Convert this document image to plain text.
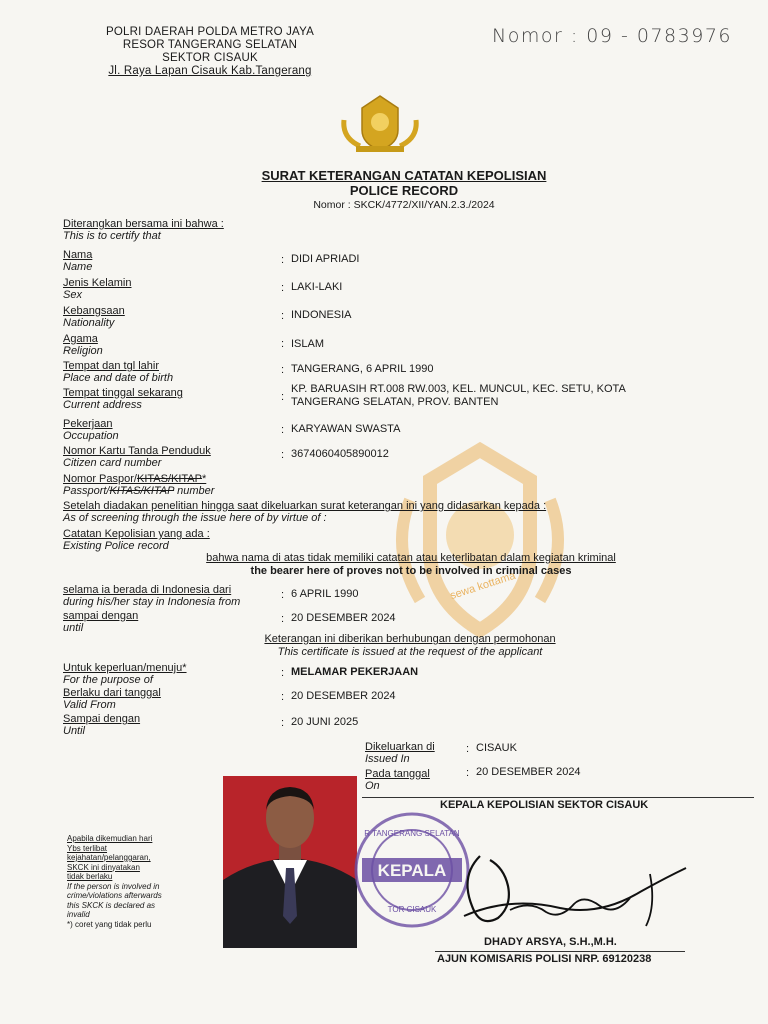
sewa kottama
POLRI DAERAH POLDA METRO JAYA
RESOR TANGERANG SELATAN
SEKTOR CISAUK

Jl. Raya Lapan Cisauk Kab.Tangerang
Nomor : 09 - 0783976
SURAT KETERANGAN CATATAN KEPOLISIAN
POLICE RECORD
Nomor : SKCK/4772/XII/YAN.2.3./2024
Diterangkan bersama ini bahwa :
This is to certify that
Nama
Name
: DIDI APRIADI
Jenis Kelamin
Sex
: LAKI-LAKI
Kebangsaan
Nationality
: INDONESIA
Agama
Religion
: ISLAM
Tempat dan tgl lahir
Place and date of birth
: TANGERANG, 6 APRIL 1990
Tempat tinggal sekarang
Current address
:
KP. BARUASIH RT.008 RW.003, KEL. MUNCUL, KEC. SETU, KOTA
TANGERANG SELATAN, PROV. BANTEN
Pekerjaan
Occupation	: KARYAWAN SWASTA
Nomor Kartu Tanda Penduduk
Citizen card number
: 3674060405890012
Nomor Paspor/KITAS/KITAP*
Passport/KITAS/KITAP number
Setelah diadakan penelitian hingga saat dikeluarkan surat keterangan ini yang didasarkan kepada :
As of screening through the issue here of by virtue of :
Catatan Kepolisian yang ada :
Existing Police record
bahwa nama di atas tidak memiliki catatan atau keterlibatan dalam kegiatan kriminal
the bearer here of proves not to be involved in criminal cases
selama ia berada di Indonesia dari
during his/her stay in Indonesia from
: 6 APRIL 1990
sampai dengan
until
: 20 DESEMBER 2024
Keterangan ini diberikan berhubungan dengan permohonan
This certificate is issued at the request of the applicant
Untuk keperluan/menuju*
For the purpose of
: MELAMAR PEKERJAAN
Berlaku dari tanggal
Valid From
: 20 DESEMBER 2024
Sampai dengan
Until
: 20 JUNI 2025
Dikeluarkan di
Issued In
: CISAUK
Pada tanggal
On
: 20 DESEMBER 2024
KEPALA KEPOLISIAN SEKTOR CISAUK
Apabila dikemudian hari
Ybs terlibat
kejahatan/pelanggaran,
SKCK ini dinyatakan
tidak berlaku
If the person is involved in
crime/violations afterwards
this SKCK is declared as
invalid
*) coret yang tidak perlu
KEPALA
R TANGERANG SELATAN
TOR CISAUK
DHADY ARSYA, S.H.,M.H.
AJUN KOMISARIS POLISI NRP. 69120238
